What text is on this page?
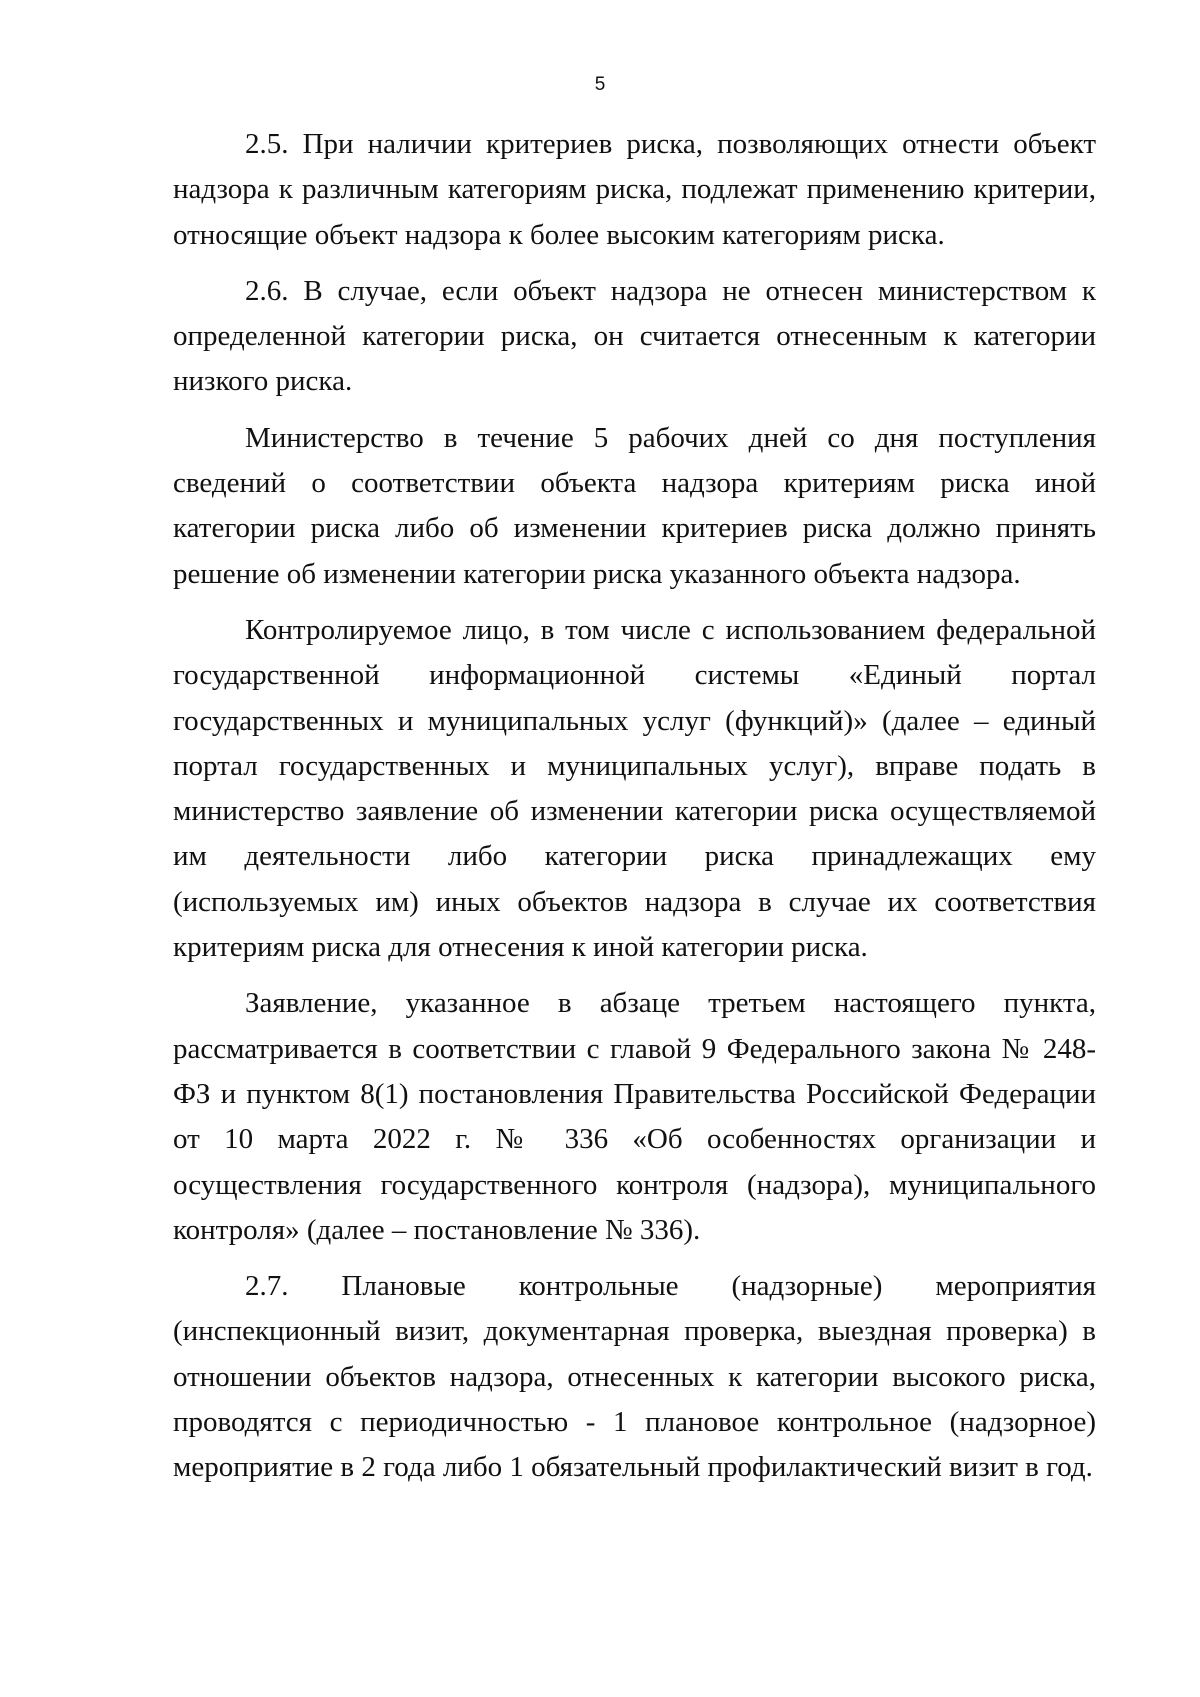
5

2.5. При наличии критериев риска, позволяющих отнести объект надзора к различным категориям риска, подлежат применению критерии, относящие объект надзора к более высоким категориям риска.

2.6. В случае, если объект надзора не отнесен министерством к определенной категории риска, он считается отнесенным к категории низкого риска.

Министерство в течение 5 рабочих дней со дня поступления сведений о соответствии объекта надзора критериям риска иной категории риска либо об изменении критериев риска должно принять решение об изменении категории риска указанного объекта надзора.

Контролируемое лицо, в том числе с использованием федеральной государственной информационной системы «Единый портал государственных и муниципальных услуг (функций)» (далее – единый портал государственных и муниципальных услуг), вправе подать в министерство заявление об изменении категории риска осуществляемой им деятельности либо категории риска принадлежащих ему (используемых им) иных объектов надзора в случае их соответствия критериям риска для отнесения к иной категории риска.

Заявление, указанное в абзаце третьем настоящего пункта, рассматривается в соответствии с главой 9 Федерального закона № 248-ФЗ и пунктом 8(1) постановления Правительства Российской Федерации от 10 марта 2022 г. № 336 «Об особенностях организации и осуществления государственного контроля (надзора), муниципального контроля» (далее – постановление № 336).

2.7. Плановые контрольные (надзорные) мероприятия (инспекционный визит, документарная проверка, выездная проверка) в отношении объектов надзора, отнесенных к категории высокого риска, проводятся с периодичностью - 1 плановое контрольное (надзорное) мероприятие в 2 года либо 1 обязательный профилактический визит в год.
